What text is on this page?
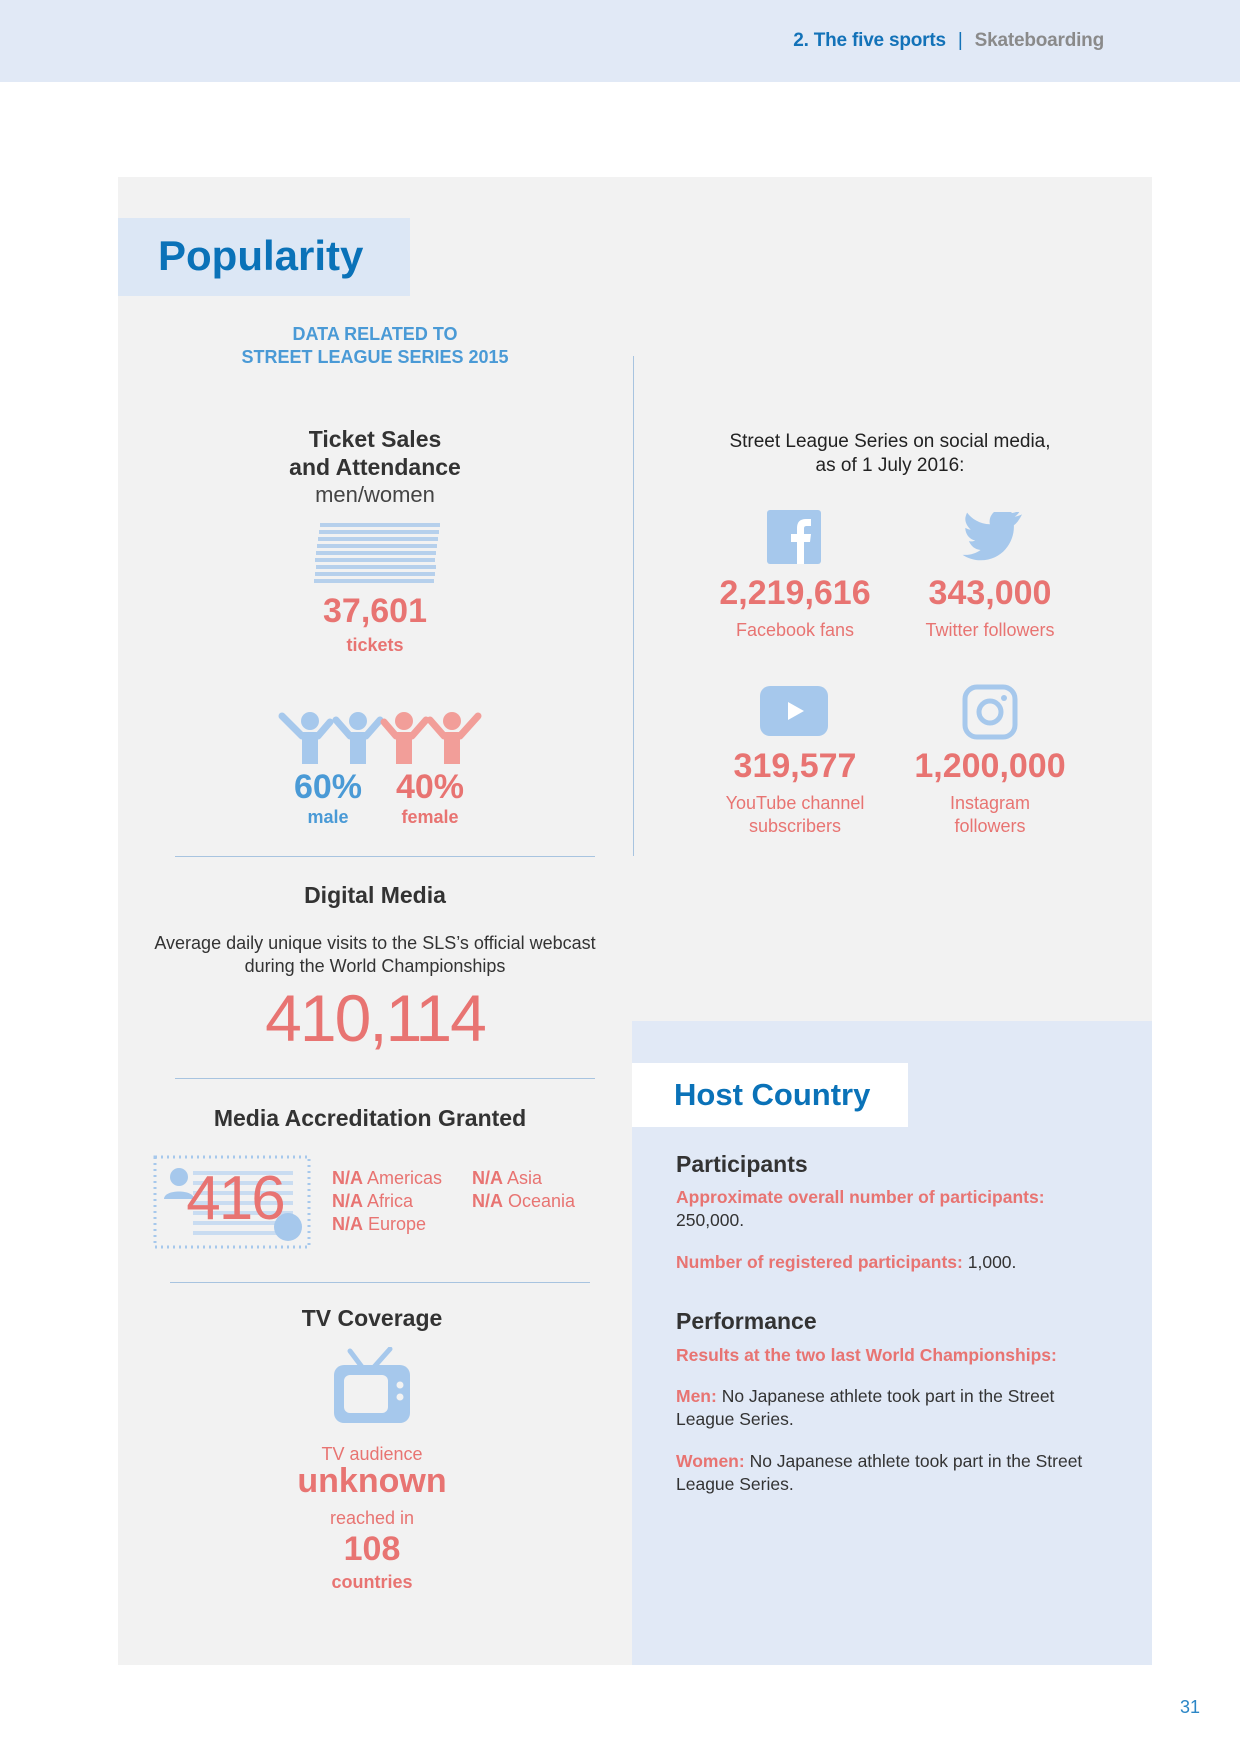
2. The five sports | Skateboarding
Popularity
DATA RELATED TO
STREET LEAGUE SERIES 2015
Ticket Sales
and Attendance
men/women
37,601
tickets
60%
male
40%
female
Street League Series on social media,
as of 1 July 2016:
2,219,616
Facebook fans
343,000
Twitter followers
319,577
YouTube channel
subscribers
1,200,000
Instagram
followers
Digital Media
Average daily unique visits to the SLS’s official webcast
during the World Championships
410,114
Media Accreditation Granted
416	N/A Americas N/A Asia
N/A Africa	N/A Oceania
N/A Europe
TV Coverage
TV audience
unknown
reached in
108
countries
Host Country
Participants
Approximate overall number of participants:
250,000.
Number of registered participants: 1,000.
Performance
Results at the two last World Championships:
Men: No Japanese athlete took part in the Street League Series.
Women: No Japanese athlete took part in the Street League Series.
31
